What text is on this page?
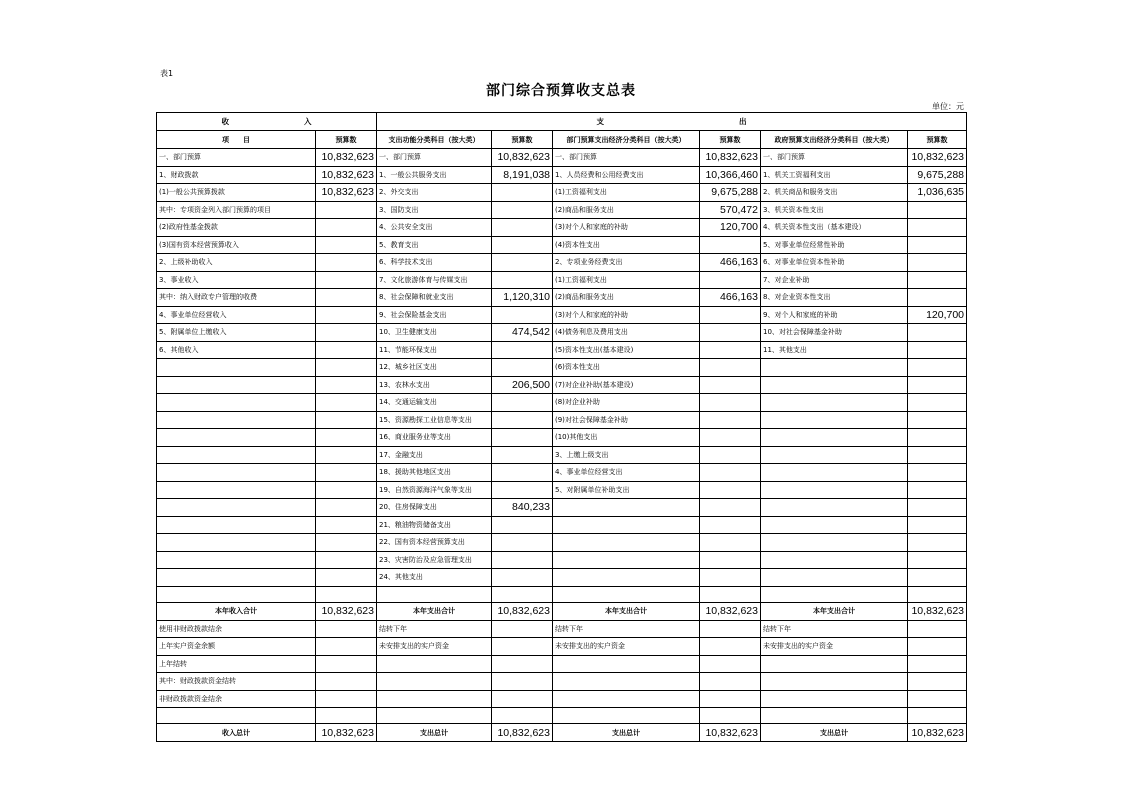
表1
部门综合预算收支总表
单位：元
收　　　　　　　　　　入		支　　　　　　　　　　　　　　　　　　出					
项　　目	预算数	支出功能分类科目（按大类）	预算数	部门预算支出经济分类科目（按大类）	预算数	政府预算支出经济分类科目（按大类）	预算数
一、部门预算	10,832,623	一、部门预算	10,832,623	一、部门预算	10,832,623	一、部门预算	10,832,623
1、财政拨款	10,832,623	1、一般公共服务支出	8,191,038	1、人员经费和公用经费支出	10,366,460	1、机关工资福利支出	9,675,288
(1)一般公共预算拨款	10,832,623	2、外交支出		(1)工资福利支出	9,675,288	2、机关商品和服务支出	1,036,635
其中：专项资金列入部门预算的项目		3、国防支出		(2)商品和服务支出	570,472	3、机关资本性支出	
(2)政府性基金拨款		4、公共安全支出		(3)对个人和家庭的补助	120,700	4、机关资本性支出（基本建设）	
(3)国有资本经营预算收入		5、教育支出		(4)资本性支出		5、对事业单位经常性补助	
2、上级补助收入		6、科学技术支出		2、专项业务经费支出	466,163	6、对事业单位资本性补助	
3、事业收入		7、文化旅游体育与传媒支出		(1)工资福利支出		7、对企业补助	
其中：纳入财政专户管理的收费		8、社会保障和就业支出	1,120,310	(2)商品和服务支出	466,163	8、对企业资本性支出	
4、事业单位经营收入		9、社会保险基金支出		(3)对个人和家庭的补助		9、对个人和家庭的补助	120,700
5、附属单位上缴收入		10、卫生健康支出	474,542	(4)债务利息及费用支出		10、对社会保障基金补助	
6、其他收入		11、节能环保支出		(5)资本性支出(基本建设)		11、其他支出	
		12、城乡社区支出		(6)资本性支出			
		13、农林水支出	206,500	(7)对企业补助(基本建设)			
		14、交通运输支出		(8)对企业补助			
		15、资源勘探工业信息等支出		(9)对社会保障基金补助			
		16、商业服务业等支出		(10)其他支出			
		17、金融支出		3、上缴上级支出			
		18、援助其他地区支出		4、事业单位经营支出			
		19、自然资源海洋气象等支出		5、对附属单位补助支出			
		20、住房保障支出	840,233				
		21、粮油物资储备支出					
		22、国有资本经营预算支出					
		23、灾害防治及应急管理支出					
		24、其他支出					

本年收入合计	10,832,623	本年支出合计	10,832,623	本年支出合计	10,832,623	本年支出合计	10,832,623
使用非财政拨款结余		结转下年		结转下年		结转下年	
上年实户资金余额		未安排支出的实户资金		未安排支出的实户资金		未安排支出的实户资金	
上年结转							
其中：财政拨款资金结转							
非财政拨款资金结余							

收入总计	10,832,623	支出总计	10,832,623	支出总计	10,832,623	支出总计	10,832,623
